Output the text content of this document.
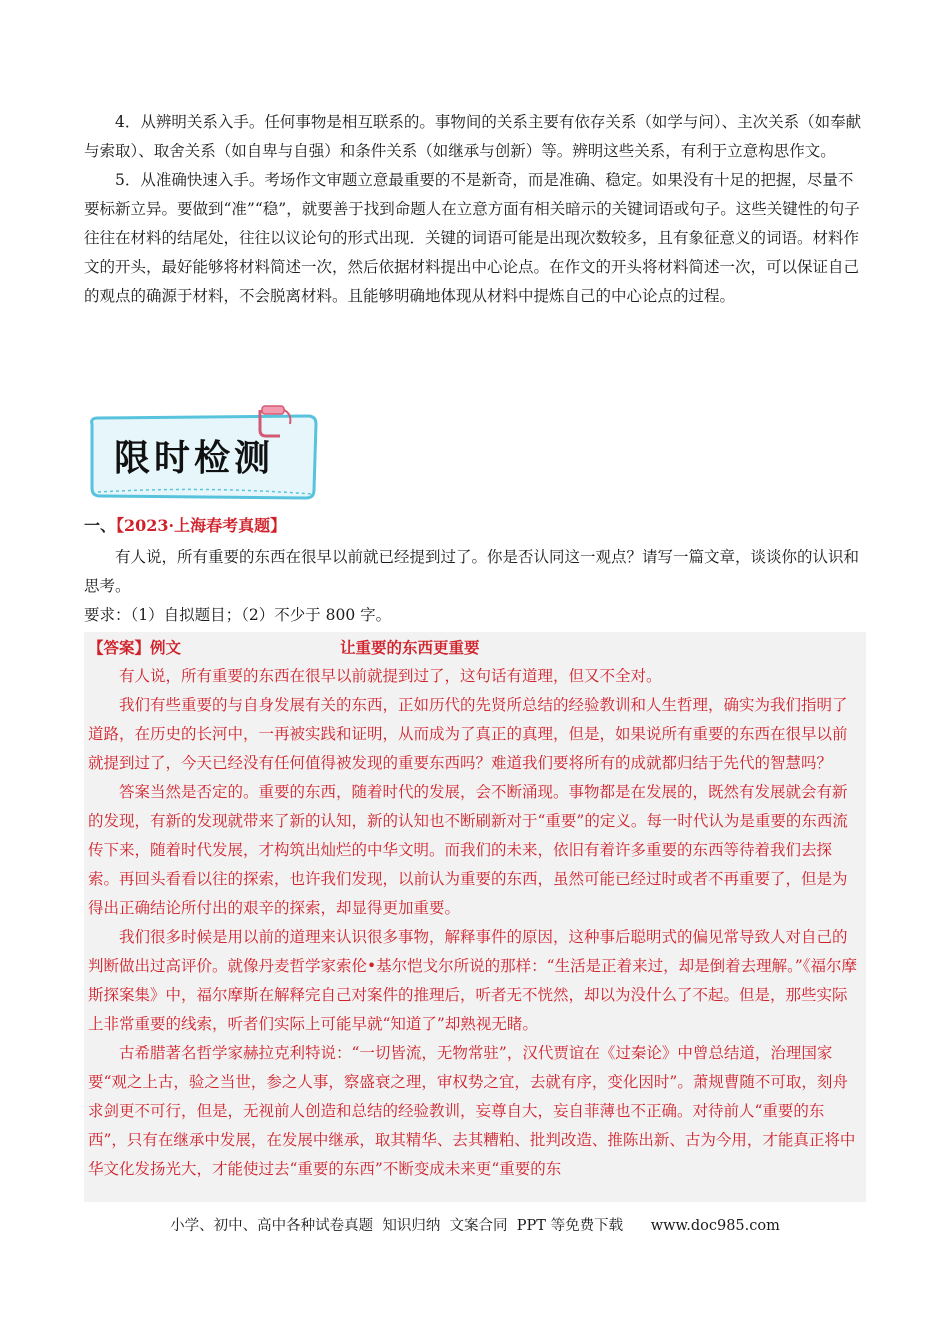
4．从辨明关系入手。任何事物是相互联系的。事物间的关系主要有依存关系（如学与问）、主次关系（如奉献与索取）、取舍关系（如自卑与自强）和条件关系（如继承与创新）等。辨明这些关系，有利于立意构思作文。

5．从准确快速入手。考场作文审题立意最重要的不是新奇，而是准确、稳定。如果没有十足的把握，尽量不要标新立异。要做到“准”“稳”，就要善于找到命题人在立意方面有相关暗示的关键词语或句子。这些关键性的句子往往在材料的结尾处，往往以议论句的形式出现．关键的词语可能是出现次数较多，且有象征意义的词语。材料作文的开头，最好能够将材料简述一次，然后依据材料提出中心论点。在作文的开头将材料简述一次，可以保证自己的观点的确源于材料，不会脱离材料。且能够明确地体现从材料中提炼自己的中心论点的过程。

限时检测
一、【2023·上海春考真题】

有人说，所有重要的东西在很早以前就已经提到过了。你是否认同这一观点？请写一篇文章，谈谈你的认识和思考。

要求：（1）自拟题目；（2）不少于 800 字。

【答案】例文	让重要的东西更重要

有人说，所有重要的东西在很早以前就提到过了，这句话有道理，但又不全对。

我们有些重要的与自身发展有关的东西，正如历代的先贤所总结的经验教训和人生哲理，确实为我们指明了道路，在历史的长河中，一再被实践和证明，从而成为了真正的真理，但是，如果说所有重要的东西在很早以前就提到过了，今天已经没有任何值得被发现的重要东西吗？难道我们要将所有的成就都归结于先代的智慧吗？

答案当然是否定的。重要的东西，随着时代的发展，会不断涌现。事物都是在发展的，既然有发展就会有新的发现，有新的发现就带来了新的认知，新的认知也不断刷新对于“重要”的定义。每一时代认为是重要的东西流传下来，随着时代发展，才构筑出灿烂的中华文明。而我们的未来，依旧有着许多重要的东西等待着我们去探索。再回头看看以往的探索，也许我们发现，以前认为重要的东西，虽然可能已经过时或者不再重要了，但是为得出正确结论所付出的艰辛的探索，却显得更加重要。

我们很多时候是用以前的道理来认识很多事物，解释事件的原因，这种事后聪明式的偏见常导致人对自己的判断做出过高评价。就像丹麦哲学家索伦•基尔恺戈尔所说的那样：“生活是正着来过，却是倒着去理解。”《福尔摩斯探案集》中，福尔摩斯在解释完自己对案件的推理后，听者无不恍然，却以为没什么了不起。但是，那些实际上非常重要的线索，听者们实际上可能早就“知道了”却熟视无睹。

古希腊著名哲学家赫拉克利特说：“一切皆流，无物常驻”，汉代贾谊在《过秦论》中曾总结道，治理国家要“观之上古，验之当世，参之人事，察盛衰之理，审权势之宜，去就有序，变化因时”。萧规曹随不可取，刻舟求剑更不可行，但是，无视前人创造和总结的经验教训，妄尊自大，妄自菲薄也不正确。对待前人“重要的东西”，只有在继承中发展，在发展中继承，取其精华、去其糟粕、批判改造、推陈出新、古为今用，才能真正将中华文化发扬光大，才能使过去“重要的东西”不断变成未来更“重要的东

小学、初中、高中各种试卷真题  知识归纳  文案合同  PPT 等免费下载      www.doc985.com
